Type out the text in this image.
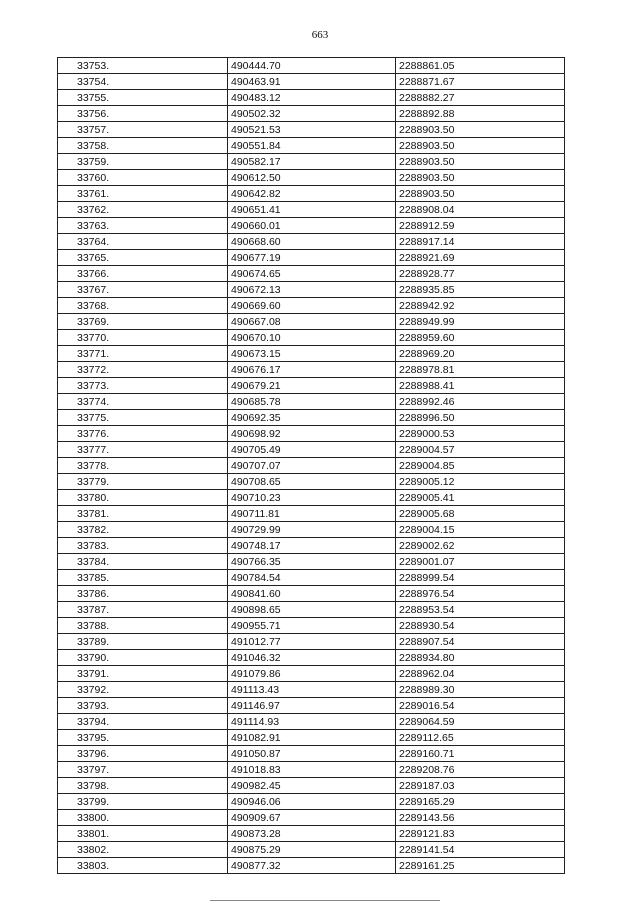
663
33753.	490444.70	2288861.05
33754.	490463.91	2288871.67
33755.	490483.12	2288882.27
33756.	490502.32	2288892.88
33757.	490521.53	2288903.50
33758.	490551.84	2288903.50
33759.	490582.17	2288903.50
33760.	490612.50	2288903.50
33761.	490642.82	2288903.50
33762.	490651.41	2288908.04
33763.	490660.01	2288912.59
33764.	490668.60	2288917.14
33765.	490677.19	2288921.69
33766.	490674.65	2288928.77
33767.	490672.13	2288935.85
33768.	490669.60	2288942.92
33769.	490667.08	2288949.99
33770.	490670.10	2288959.60
33771.	490673.15	2288969.20
33772.	490676.17	2288978.81
33773.	490679.21	2288988.41
33774.	490685.78	2288992.46
33775.	490692.35	2288996.50
33776.	490698.92	2289000.53
33777.	490705.49	2289004.57
33778.	490707.07	2289004.85
33779.	490708.65	2289005.12
33780.	490710.23	2289005.41
33781.	490711.81	2289005.68
33782.	490729.99	2289004.15
33783.	490748.17	2289002.62
33784.	490766.35	2289001.07
33785.	490784.54	2288999.54
33786.	490841.60	2288976.54
33787.	490898.65	2288953.54
33788.	490955.71	2288930.54
33789.	491012.77	2288907.54
33790.	491046.32	2288934.80
33791.	491079.86	2288962.04
33792.	491113.43	2288989.30
33793.	491146.97	2289016.54
33794.	491114.93	2289064.59
33795.	491082.91	2289112.65
33796.	491050.87	2289160.71
33797.	491018.83	2289208.76
33798.	490982.45	2289187.03
33799.	490946.06	2289165.29
33800.	490909.67	2289143.56
33801.	490873.28	2289121.83
33802.	490875.29	2289141.54
33803.	490877.32	2289161.25
